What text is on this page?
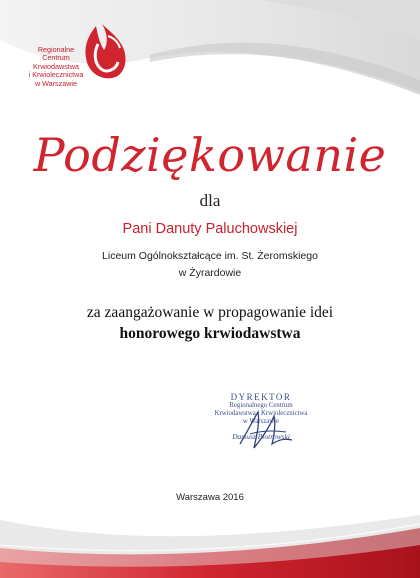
Regionalne
Centrum
Krwiodawstwa
i Krwiolecznictwa
w Warszawie
Podziękowanie
dla
Pani Danuty Paluchowskiej
Liceum Ogólnokształcące im. St. Żeromskiego
w Żyrardowie
za zaangażowanie w propagowanie idei
honorowego krwiodawstwa
DYREKTOR
Regionalnego Centrum
Krwiodawstwa i Krwiolecznictwa
w Warszawie
Dariusz Piotrowski
Warszawa 2016
